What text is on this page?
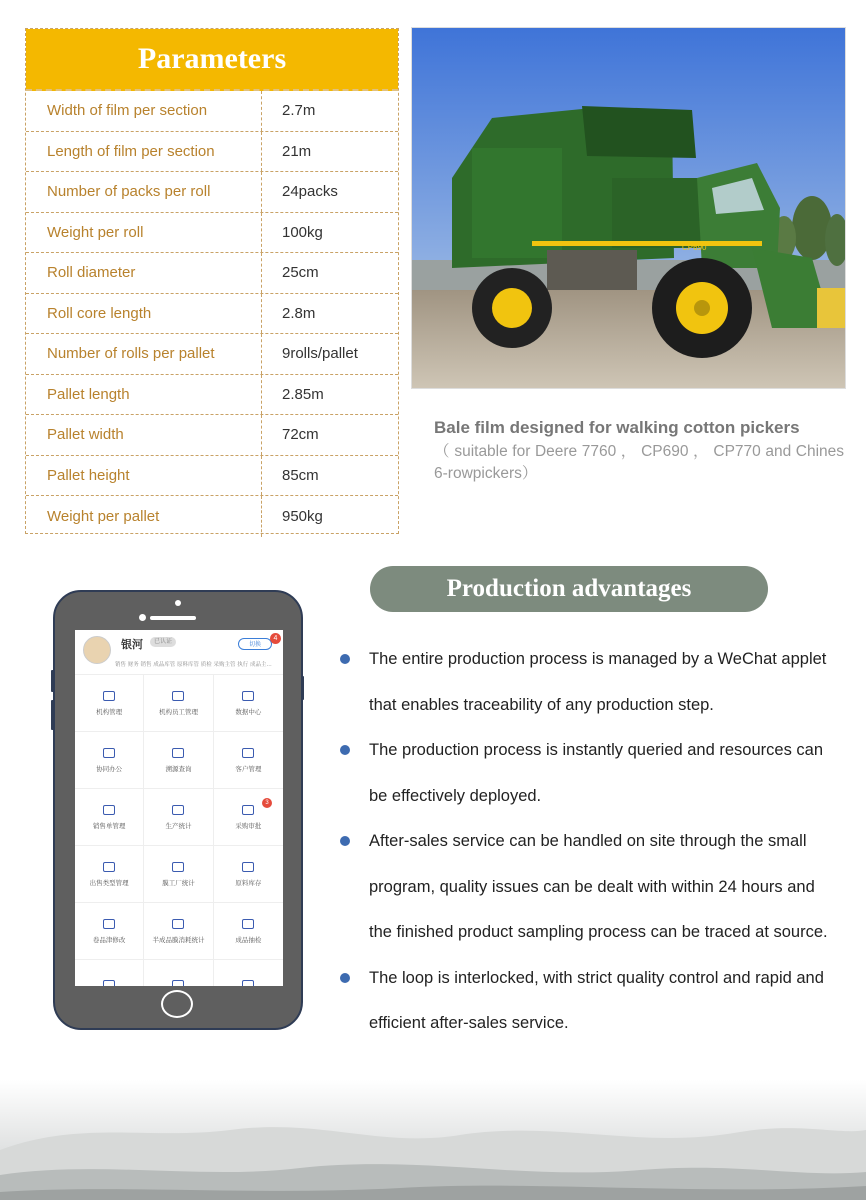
Parameters
Width of film per section	2.7m
Length of film per section	21m
Number of packs per roll	24packs
Weight per roll	100kg
Roll diameter	25cm
Roll core length	2.8m
Number of rolls per pallet	9rolls/pallet
Pallet length	2.85m
Pallet width	72cm
Pallet height	85cm
Weight per pallet	950kg
CP690
Bale film designed for walking cotton pickers
（ suitable for Deere 7760 ， CP690 ， CP770 and Chines 6-rowpickers）
银河	已认证	切换
4
销售 财务 销售 成品库管 原料库管 质检 采购主管 执行 成品主...
机构管理	机构员工管理	数据中心
协同办公	溯源查询	客户管理
销售单管理	生产统计	采购审批
3
出售类型管理	膜工厂统计	原料库存
卷品津修改	半成品膜消耗统计	成品抽检
Production advantages
The entire production process is managed by a WeChat applet that enables traceability of any production step.
The production process is instantly queried and resources can be effectively deployed.
After-sales service can be handled on site through the small program, quality issues can be dealt with within 24 hours and the finished product sampling process can be traced at source.
The loop is interlocked, with strict quality control and rapid and efficient after-sales service.
